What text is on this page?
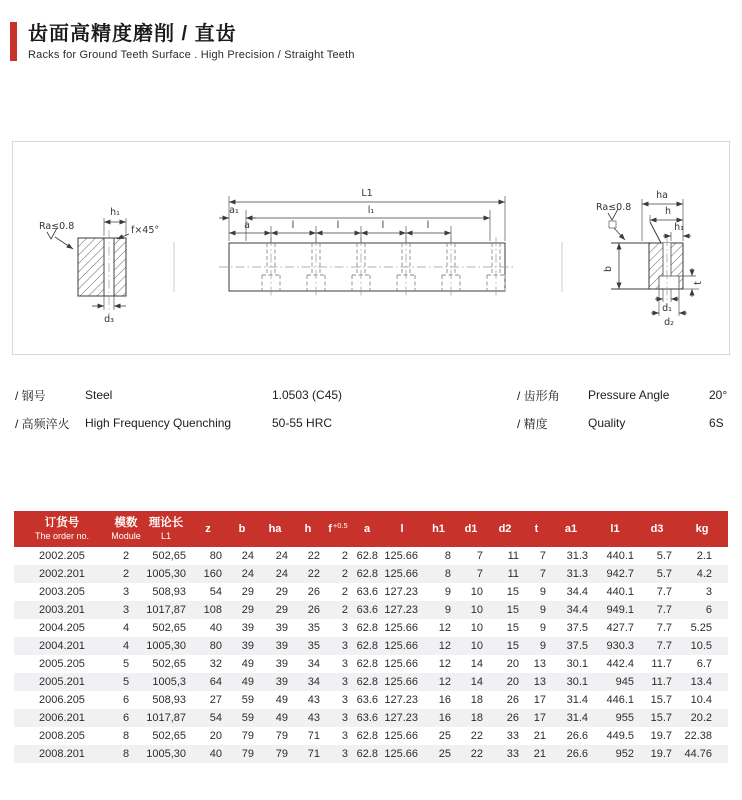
齿面高精度磨削 / 直齿
Racks for Ground Teeth Surface . High Precision / Straight Teeth
h₁
f×45°
Ra≤0.8
d₃
L1
l₁
a₁
a	l	l	l	l
ha
h
h₁
Ra≤0.8
b
t
d₁
d₂
/ 钢号	Steel	1.0503 (C45)
/ 高频淬火	High Frequency Quenching	50-55 HRC
/ 齿形角	Pressure Angle	20°
/ 精度	Quality	6S
订货号
The order no.

模数
Module

理论长
L1
	z	b	ha	h	$f^{+0.5}$	a	l	h1	d1	d2	t	a1	l1	d3	kg
2002.205	2	502,65	80	24	24	22	2	62.8	125.66	8	7	11	7	31.3	440.1	5.7	2.1
2002.201	2	1005,30	160	24	24	22	2	62.8	125.66	8	7	11	7	31.3	942.7	5.7	4.2
2003.205	3	508,93	54	29	29	26	2	63.6	127.23	9	10	15	9	34.4	440.1	7.7	3
2003.201	3	1017,87	108	29	29	26	2	63.6	127.23	9	10	15	9	34.4	949.1	7.7	6
2004.205	4	502,65	40	39	39	35	3	62.8	125.66	12	10	15	9	37.5	427.7	7.7	5.25
2004.201	4	1005,30	80	39	39	35	3	62.8	125.66	12	10	15	9	37.5	930.3	7.7	10.5
2005.205	5	502,65	32	49	39	34	3	62.8	125.66	12	14	20	13	30.1	442.4	11.7	6.7
2005.201	5	1005,3	64	49	39	34	3	62.8	125.66	12	14	20	13	30.1	945	11.7	13.4
2006.205	6	508,93	27	59	49	43	3	63.6	127.23	16	18	26	17	31.4	446.1	15.7	10.4
2006.201	6	1017,87	54	59	49	43	3	63.6	127.23	16	18	26	17	31.4	955	15.7	20.2
2008.205	8	502,65	20	79	79	71	3	62.8	125.66	25	22	33	21	26.6	449.5	19.7	22.38
2008.201	8	1005,30	40	79	79	71	3	62.8	125.66	25	22	33	21	26.6	952	19.7	44.76
